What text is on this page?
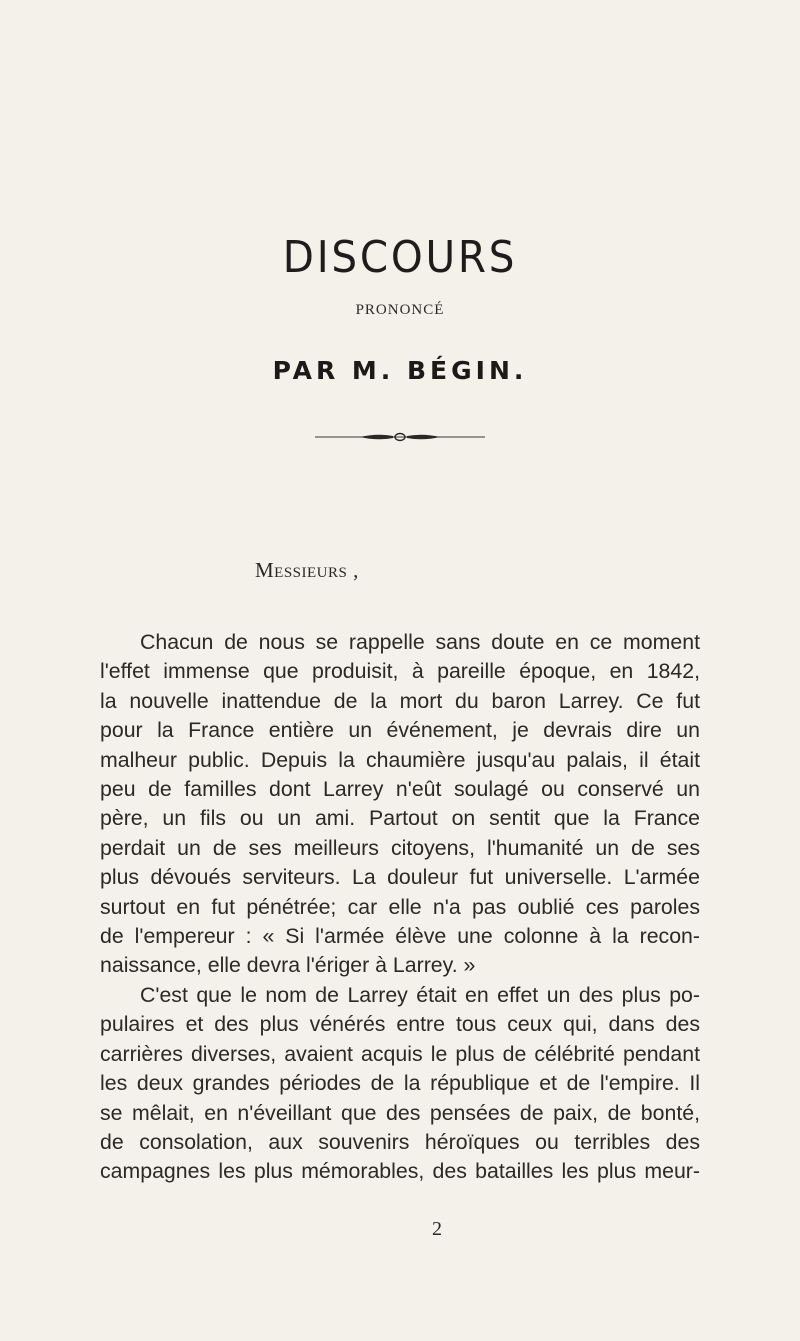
DISCOURS
PRONONCÉ
PAR M. BÉGIN.
Messieurs ,
Chacun de nous se rappelle sans doute en ce moment
l'effet immense que produisit, à pareille époque, en 1842,
la nouvelle inattendue de la mort du baron Larrey. Ce fut
pour la France entière un événement, je devrais dire un
malheur public. Depuis la chaumière jusqu'au palais, il était
peu de familles dont Larrey n'eût soulagé ou conservé un
père, un fils ou un ami. Partout on sentit que la France
perdait un de ses meilleurs citoyens, l'humanité un de ses
plus dévoués serviteurs. La douleur fut universelle. L'armée
surtout en fut pénétrée; car elle n'a pas oublié ces paroles
de l'empereur : « Si l'armée élève une colonne à la recon-
naissance, elle devra l'ériger à Larrey. »
C'est que le nom de Larrey était en effet un des plus po-
pulaires et des plus vénérés entre tous ceux qui, dans des
carrières diverses, avaient acquis le plus de célébrité pendant
les deux grandes périodes de la république et de l'empire. Il
se mêlait, en n'éveillant que des pensées de paix, de bonté,
de consolation, aux souvenirs héroïques ou terribles des
campagnes les plus mémorables, des batailles les plus meur-
2
